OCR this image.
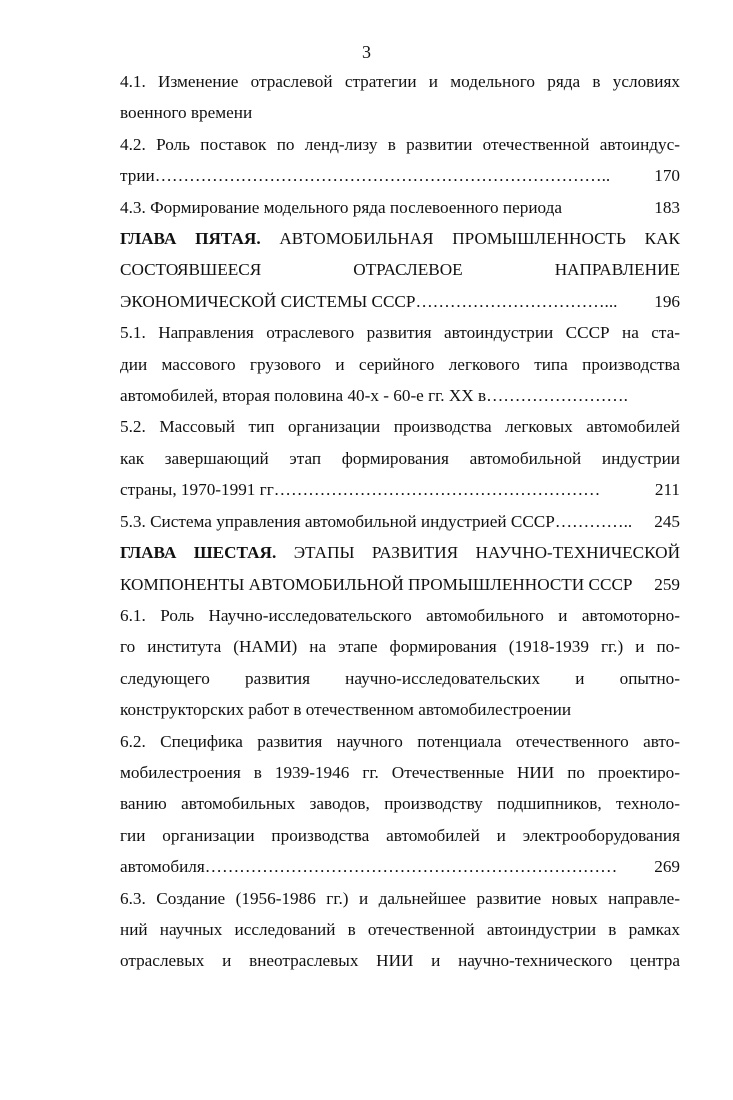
3
4.1. Изменение отраслевой стратегии и модельного ряда в условиях
военного времени
4.2. Роль поставок по ленд-лизу в развитии отечественной автоиндус-
трии……………………………………………………………………..	170
4.3. Формирование модельного ряда послевоенного периода	183
ГЛАВА ПЯТАЯ. АВТОМОБИЛЬНАЯ ПРОМЫШЛЕННОСТЬ КАК
СОСТОЯВШЕЕСЯ ОТРАСЛЕВОЕ НАПРАВЛЕНИЕ
ЭКОНОМИЧЕСКОЙ СИСТЕМЫ СССР……………………………...	196
5.1. Направления отраслевого развития автоиндустрии СССР на ста-
дии массового грузового и серийного легкового типа производства
автомобилей, вторая половина 40-х - 60-е гг. XX в…………………….
5.2. Массовый тип организации производства легковых автомобилей
как завершающий этап формирования автомобильной индустрии
страны, 1970-1991 гг…………………………………………………	211
5.3. Система управления автомобильной индустрией СССР…………..	245
ГЛАВА ШЕСТАЯ. ЭТАПЫ РАЗВИТИЯ НАУЧНО-ТЕХНИЧЕСКОЙ
КОМПОНЕНТЫ АВТОМОБИЛЬНОЙ ПРОМЫШЛЕННОСТИ СССР	259
6.1. Роль Научно-исследовательского автомобильного и автомоторно-
го института (НАМИ) на этапе формирования (1918-1939 гг.) и по-
следующего развития научно-исследовательских и опытно-
конструкторских работ в отечественном автомобилестроении
6.2. Специфика развития научного потенциала отечественного авто-
мобилестроения в 1939-1946 гг. Отечественные НИИ по проектиро-
ванию автомобильных заводов, производству подшипников, техноло-
гии организации производства автомобилей и электрооборудования
автомобиля………………………………………………………………	269
6.3. Создание (1956-1986 гг.) и дальнейшее развитие новых направле-
ний научных исследований в отечественной автоиндустрии в рамках
отраслевых и внеотраслевых НИИ и научно-технического центра
